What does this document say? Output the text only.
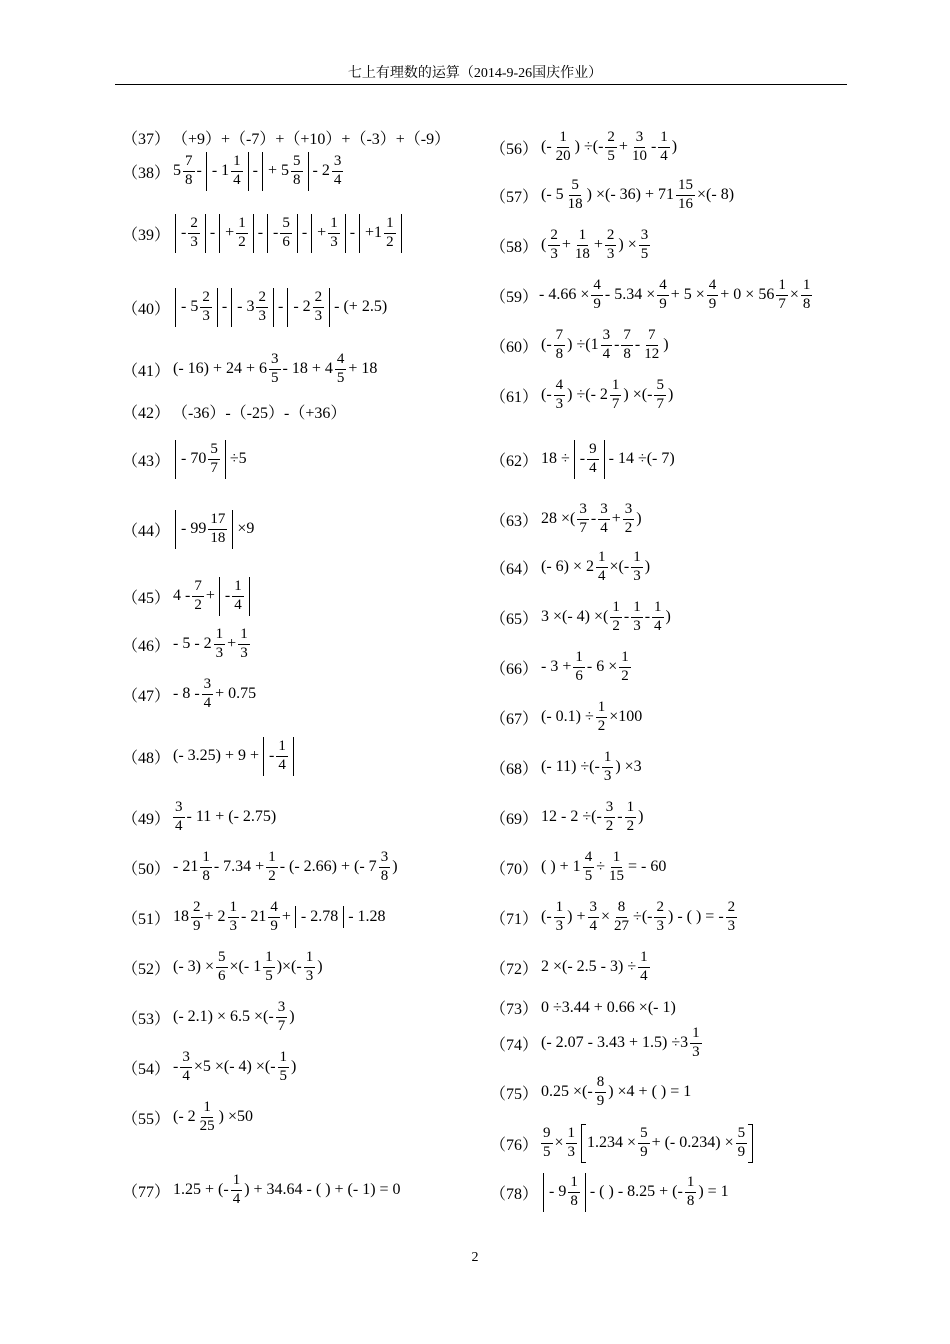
七上有理数的运算（2014-9-26国庆作业）
（37） （+9）+（-7）+（+10）+（-3）+（-9）
（38） $5 \frac{7}{8}$ - - $1 \frac{1}{4}$ - + $5 \frac{5}{8} - 2 \frac{3}{4}$
$(39) - \frac{2}{3}$ - + $\frac{1}{2}$ - - $\frac{5}{6}$ - + $\frac{1}{3} - +1 \frac{1}{2}$
$(40) - 5 \frac{2}{3}$ - - $3 \frac{2}{3}$ - - $2 \frac{2}{3}$ - (+ 2.5)
（41） (- $16) + 24 + 6 \frac{3}{5} - 18 + 4 \frac{4}{5} + 18$
（42） （-36）-（-25）-（+36）
$(43) - 70 \frac{5}{7} \div 5$
$(44) - 99 \frac{17}{18} \times 9$
（45） $4 - \frac{7}{2}$ + - $\frac{1}{4}$
$(46) - 5 - 2 \frac{1}{3} + \frac{1}{3}$
$(47) - 8 - \frac{3}{4} + 0.75$
（48） (- 3.25) + 9 + - $\frac{1}{4}$
$(49) \frac{3}{4} - 11$ + (- 2.75)
$(50) - 21 \frac{1}{8} - 7.34 + \frac{1}{2}$ - (- 2.66) + (- $7 \frac{3}{8}$ )
（51） $18 \frac{2}{9} + 2 \frac{1}{3} - 21 \frac{4}{9}$ + - 2.78 - 1.28
（52） (- $3) \times \frac{5}{6}$ ×(- $1 \frac{1}{5}$ )×(- $\frac{1}{3}$ )
（53） (- 2.1) × 6.5 ×(- $\frac{3}{7}$ )
$(54) - \frac{3}{4} \times 5$ ×(- 4) ×(- $\frac{1}{5}$ )
（55） (- $2 \frac{1}{25}$ ) ×50
（77） 1.25 + (- $\frac{1}{4}$ ) + 34.64 - ( ) + (- 1) = 0
（56） (- $\frac{1}{20}$ ) ÷(- $\frac{2}{5} + \frac{3}{10} - \frac{1}{4}$ )
（57） (- $5 \frac{5}{18}$ ) ×(- $36) + 71 \frac{15}{16}$ ×(- 8)
（58） ( $\frac{2}{3} + \frac{1}{18} + \frac{2}{3}$ ) × $\frac{3}{5}$
$(59) - 4.66 \times \frac{4}{9} - 5.34 \times \frac{4}{9} + 5 \times \frac{4}{9} + 0 \times 56 \frac{1}{7} \times \frac{1}{8}$
（60） (- $\frac{7}{8}$ ) $\div(1 \frac{3}{4} - \frac{7}{8} - \frac{7}{12}$ )
（61） (- $\frac{4}{3}$ ) ÷(- $2 \frac{1}{7}$ ) ×(- $\frac{5}{7}$ )
（62） 18 ÷ - $\frac{9}{4} - 14$ ÷(- 7)
（63） 28 ×( $\frac{3}{7} - \frac{3}{4} + \frac{3}{2}$ )
（64） (- $6) \times 2 \frac{1}{4}$ ×(- $\frac{1}{3}$ )
（65） 3 ×(- 4) ×( $\frac{1}{2} - \frac{1}{3} - \frac{1}{4}$ )
$(66) - 3 + \frac{1}{6} - 6 \times \frac{1}{2}$
（67） (- $0.1) \div \frac{1}{2} \times 100$
（68） (- 11) ÷(- $\frac{1}{3}$ ) ×3
（69） 12 - 2 ÷(- $\frac{3}{2} - \frac{1}{2}$ )
（70） ( ) + $1 \frac{4}{5} \div \frac{1}{15}$ = - 60
（71） (- $\frac{1}{3}$ ) + $\frac{3}{4} \times \frac{8}{27}$ ÷(- $\frac{2}{3}$ ) - ( ) = - $\frac{2}{3}$
（72） 2 ×(- $2.5 - 3) \div \frac{1}{4}$
（73） 0 ÷3.44 + 0.66 ×(- 1)
（74） (- $2.07 - 3.43 + 1.5) \div 3 \frac{1}{3}$
（75） 0.25 ×(- $\frac{8}{9}$ ) ×4 + ( ) = 1
$(76) \frac{9}{5} \times \frac{1}{3} 1.234 \times \frac{5}{9}$ + (- $0.234) \times \frac{5}{9}$
$(78) - 9 \frac{1}{8}$ - ( ) - 8.25 + (- $\frac{1}{8}$ ) = 1
2
